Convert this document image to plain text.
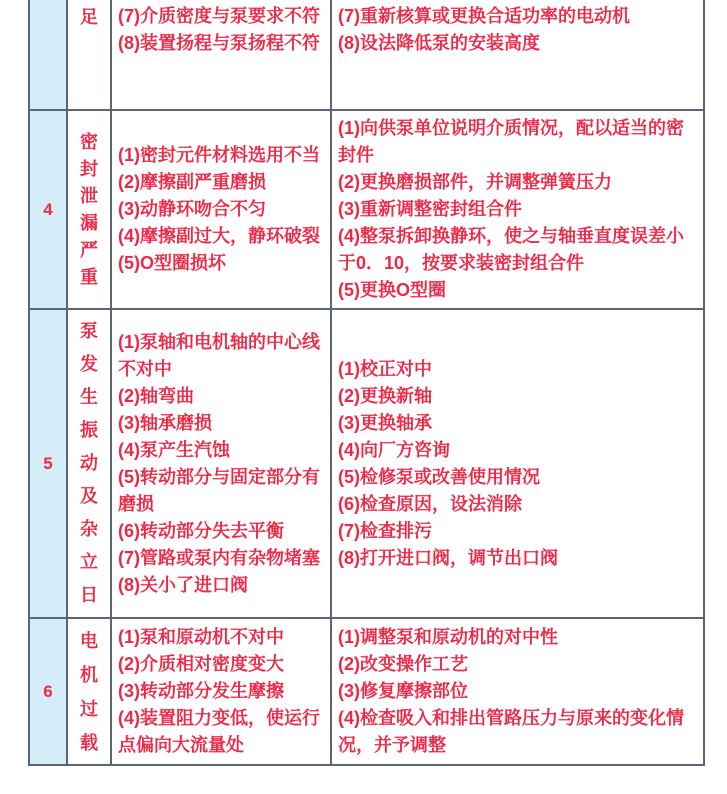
足 (7)介质密度与泵要求不符
(8)装置扬程与泵扬程不符
(7)重新核算或更换合适功率的电动机
(8)设法降低泵的安装高度
4
密
封
泄
漏
严
重
(1)密封元件材料选用不当
(2)摩擦副严重磨损
(3)动静环吻合不匀
(4)摩擦副过大，静环破裂
(5)O型圈损坏
(1)向供泵单位说明介质情况，配以适当的密封件
(2)更换磨损部件，并调整弹簧压力
(3)重新调整密封组合件
(4)整泵拆卸换静环，使之与轴垂直度误差小于0．10，按要求装密封组合件
(5)更换O型圈
5
泵
发
生
振
动
及
杂
立
日
(1)泵轴和电机轴的中心线不对中
(2)轴弯曲
(3)轴承磨损
(4)泵产生汽蚀
(5)转动部分与固定部分有磨损
(6)转动部分失去平衡
(7)管路或泵内有杂物堵塞
(8)关小了进口阀
(1)校正对中
(2)更换新轴
(3)更换轴承
(4)向厂方咨询
(5)检修泵或改善使用情况
(6)检查原因，设法消除
(7)检查排污
(8)打开进口阀，调节出口阀
6
电
机
过
载
(1)泵和原动机不对中
(2)介质相对密度变大
(3)转动部分发生摩擦
(4)装置阻力变低，使运行点偏向大流量处
(1)调整泵和原动机的对中性
(2)改变操作工艺
(3)修复摩擦部位
(4)检查吸入和排出管路压力与原来的变化情况，并予调整
